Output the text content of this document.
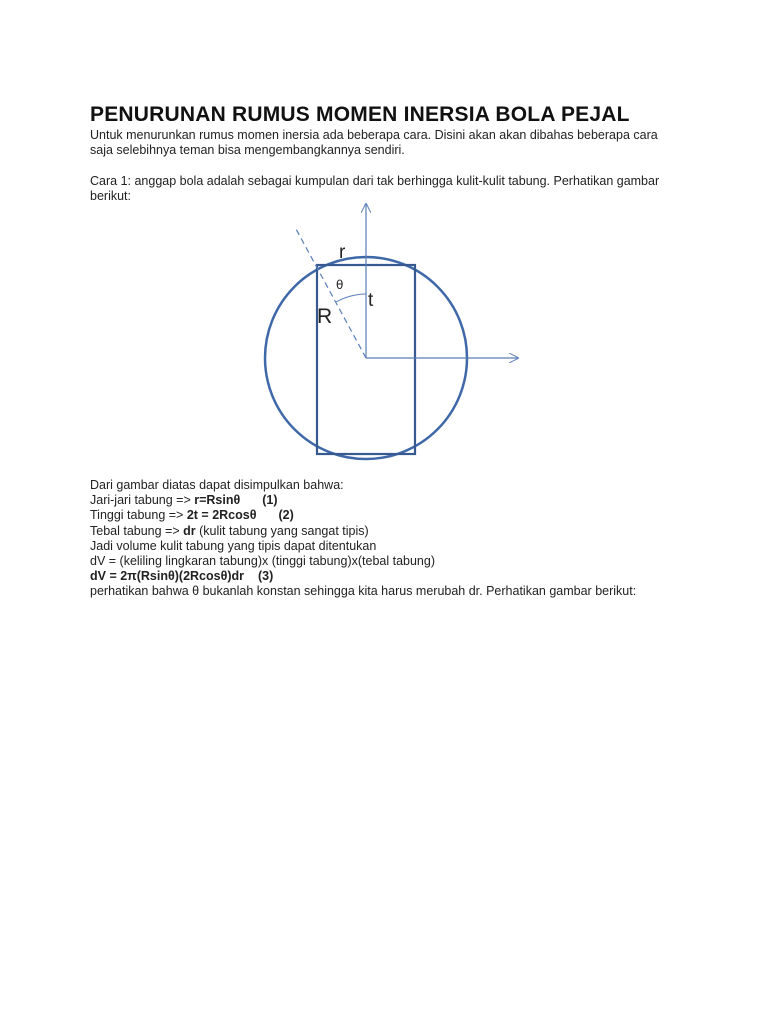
PENURUNAN RUMUS MOMEN INERSIA BOLA PEJAL

Untuk menurunkan rumus momen inersia ada beberapa cara. Disini akan akan dibahas beberapa cara saja selebihnya teman bisa mengembangkannya sendiri.

Cara 1: anggap bola adalah sebagai kumpulan dari tak berhingga kulit-kulit tabung. Perhatikan gambar berikut:

r
θ
t
R
Dari gambar diatas dapat disimpulkan bahwa:
Jari-jari tabung => r=Rsinθ (1)
Tinggi tabung => 2t = 2Rcosθ (2)
Tebal tabung => dr (kulit tabung yang sangat tipis)
Jadi volume kulit tabung yang tipis dapat ditentukan
dV = (keliling lingkaran tabung)x (tinggi tabung)x(tebal tabung)
dV = 2π(Rsinθ)(2Rcosθ)dr (3)
perhatikan bahwa θ bukanlah konstan sehingga kita harus merubah dr. Perhatikan gambar berikut:
